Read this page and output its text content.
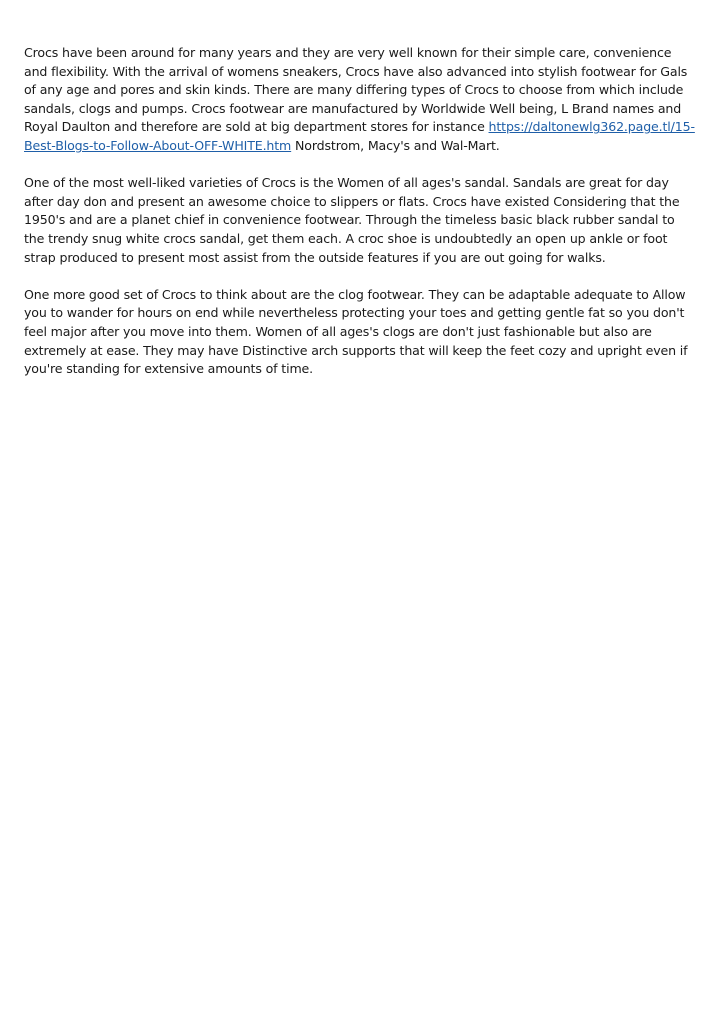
Crocs have been around for many years and they are very well known for their simple care, convenience and flexibility. With the arrival of womens sneakers, Crocs have also advanced into stylish footwear for Gals of any age and pores and skin kinds. There are many differing types of Crocs to choose from which include sandals, clogs and pumps. Crocs footwear are manufactured by Worldwide Well being, L Brand names and Royal Daulton and therefore are sold at big department stores for instance https://daltonewlg362.page.tl/15-Best-Blogs-to-Follow-About-OFF-WHITE.htm Nordstrom, Macy's and Wal-Mart.

One of the most well-liked varieties of Crocs is the Women of all ages's sandal. Sandals are great for day after day don and present an awesome choice to slippers or flats. Crocs have existed Considering that the 1950's and are a planet chief in convenience footwear. Through the timeless basic black rubber sandal to the trendy snug white crocs sandal, get them each. A croc shoe is undoubtedly an open up ankle or foot strap produced to present most assist from the outside features if you are out going for walks.

One more good set of Crocs to think about are the clog footwear. They can be adaptable adequate to Allow you to wander for hours on end while nevertheless protecting your toes and getting gentle fat so you don't feel major after you move into them. Women of all ages's clogs are don't just fashionable but also are extremely at ease. They may have Distinctive arch supports that will keep the feet cozy and upright even if you're standing for extensive amounts of time.
